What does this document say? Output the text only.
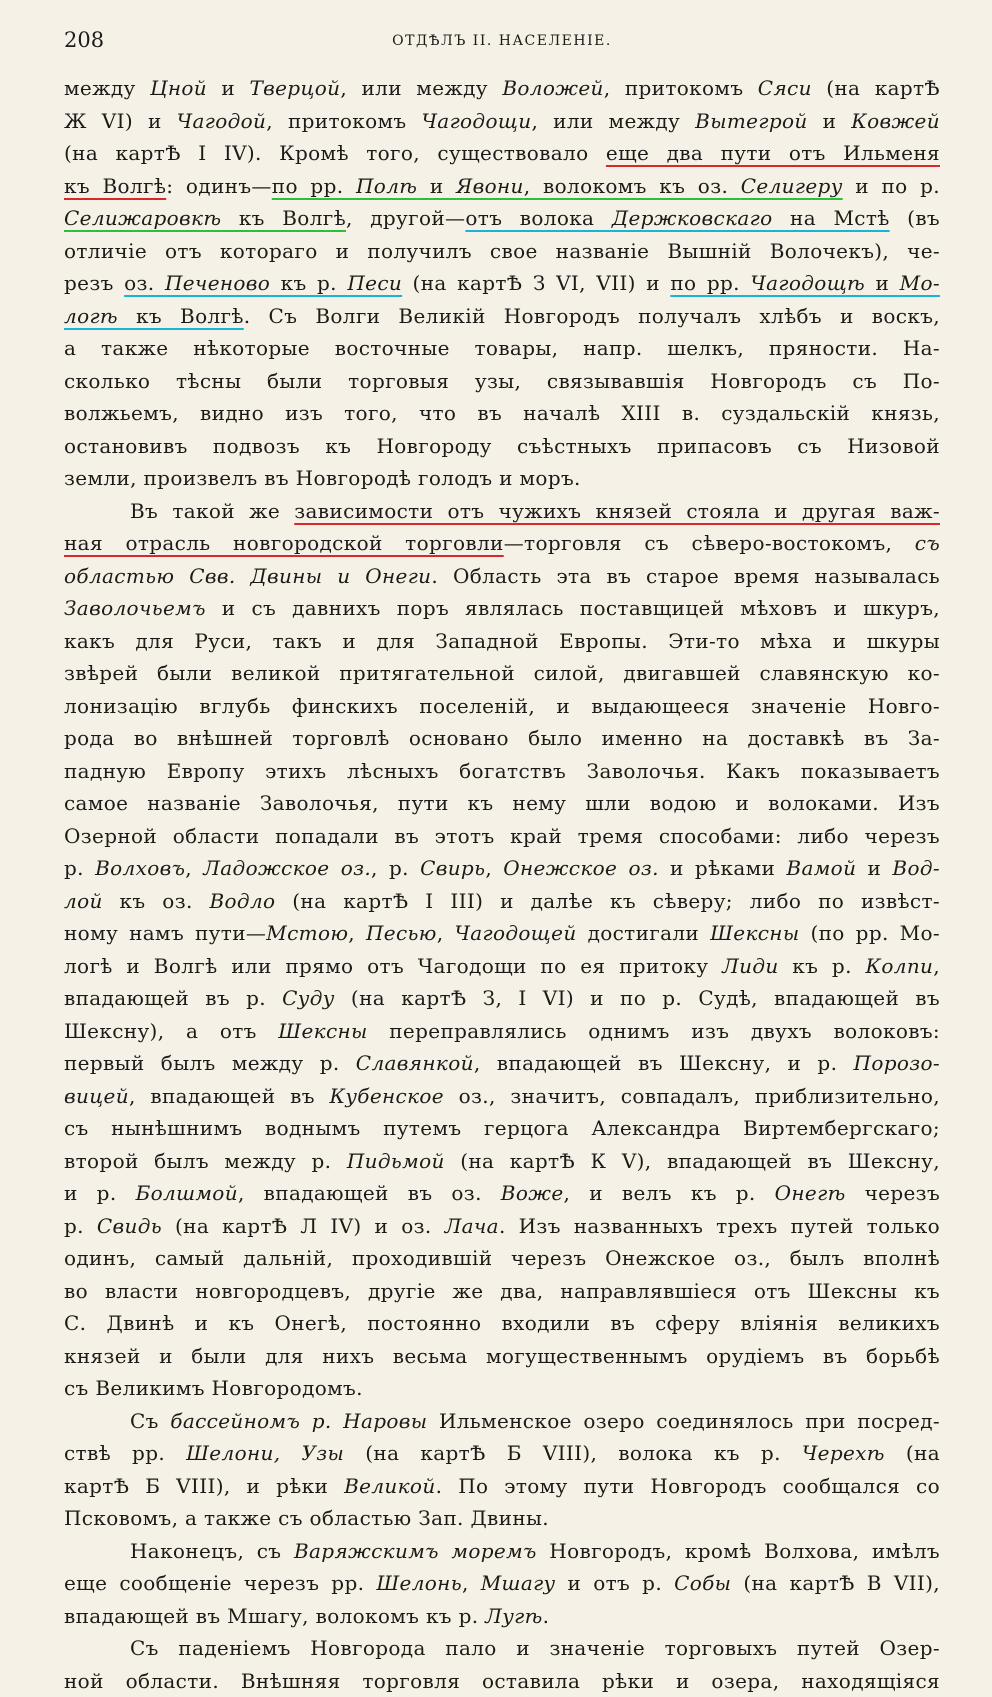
208	ОТДѢЛЪ II. НАСЕЛЕНІЕ.
между Цной и Тверцой, или между Воложей, притокомъ Сяси (на картѢ
Ж VI) и Чагодой, притокомъ Чагодощи, или между Вытегрой и Ковжей
(на картѢ I IV). Кромѣ того, существовало еще два пути отъ Ильменя
къ Волгѣ: одинъ—по рр. Полѣ и Явони, волокомъ къ оз. Селигеру и по р.
Селижаровкѣ къ Волгѣ, другой—отъ волока Держковскаго на Мстѣ (въ
отличіе отъ котораго и получилъ свое названіе Вышній Волочекъ), че-
резъ оз. Печеново къ р. Песи (на картѢ З VI, VII) и по рр. Чагодощѣ и Мо-
логѣ къ Волгѣ. Съ Волги Великій Новгородъ получалъ хлѣбъ и воскъ,
а также нѣкоторые восточные товары, напр. шелкъ, пряности. На-
сколько тѣсны были торговыя узы, связывавшія Новгородъ съ По-
волжьемъ, видно изъ того, что въ началѣ XIII в. суздальскій князь,
остановивъ подвозъ къ Новгороду съѣстныхъ припасовъ съ Низовой
земли, произвелъ въ Новгородѣ голодъ и моръ.
Въ такой же зависимости отъ чужихъ князей стояла и другая важ-
ная отрасль новгородской торговли—торговля съ сѣверо-востокомъ, съ
областью Свв. Двины и Онеги. Область эта въ старое время называлась
Заволочьемъ и съ давнихъ поръ являлась поставщицей мѣховъ и шкуръ,
какъ для Руси, такъ и для Западной Европы. Эти-то мѣха и шкуры
звѣрей были великой притягательной силой, двигавшей славянскую ко-
лонизацію вглубь финскихъ поселеній, и выдающееся значеніе Новго-
рода во внѣшней торговлѣ основано было именно на доставкѣ въ За-
падную Европу этихъ лѣсныхъ богатствъ Заволочья. Какъ показываетъ
самое названіе Заволочья, пути къ нему шли водою и волоками. Изъ
Озерной области попадали въ этотъ край тремя способами: либо черезъ
р. Волховъ, Ладожское оз., р. Свирь, Онежское оз. и рѣками Вамой и Вод-
лой къ оз. Водло (на картѢ I III) и далѣе къ сѣверу; либо по извѣст-
ному намъ пути—Мстою, Песью, Чагодощей достигали Шексны (по рр. Мо-
логѣ и Волгѣ или прямо отъ Чагодощи по ея притоку Лиди къ р. Колпи,
впадающей въ р. Суду (на картѢ З, I VI) и по р. Судѣ, впадающей въ
Шексну), а отъ Шексны переправлялись однимъ изъ двухъ волоковъ:
первый былъ между р. Славянкой, впадающей въ Шексну, и р. Порозо-
вицей, впадающей въ Кубенское оз., значитъ, совпадалъ, приблизительно,
съ нынѣшнимъ воднымъ путемъ герцога Александра Виртембергскаго;
второй былъ между р. Пидьмой (на картѢ К V), впадающей въ Шексну,
и р. Болшмой, впадающей въ оз. Воже, и велъ къ р. Онегѣ черезъ
р. Свидь (на картѢ Л IV) и оз. Лача. Изъ названныхъ трехъ путей только
одинъ, самый дальній, проходившій черезъ Онежское оз., былъ вполнѣ
во власти новгородцевъ, другіе же два, направлявшіеся отъ Шексны къ
С. Двинѣ и къ Онегѣ, постоянно входили въ сферу вліянія великихъ
князей и были для нихъ весьма могущественнымъ орудіемъ въ борьбѣ
съ Великимъ Новгородомъ.
Съ бассейномъ р. Наровы Ильменское озеро соединялось при посред-
ствѣ рр. Шелони, Узы (на картѢ Б VIII), волока къ р. Черехѣ (на
картѢ Б VIII), и рѣки Великой. По этому пути Новгородъ сообщался со
Псковомъ, а также съ областью Зап. Двины.
Наконецъ, съ Варяжскимъ моремъ Новгородъ, кромѣ Волхова, имѣлъ
еще сообщеніе черезъ рр. Шелонь, Мшагу и отъ р. Собы (на картѢ В VII),
впадающей въ Мшагу, волокомъ къ р. Лугѣ.
Съ паденіемъ Новгорода пало и значеніе торговыхъ путей Озер-
ной области. Внѣшняя торговля оставила рѣки и озера, находящіяся
